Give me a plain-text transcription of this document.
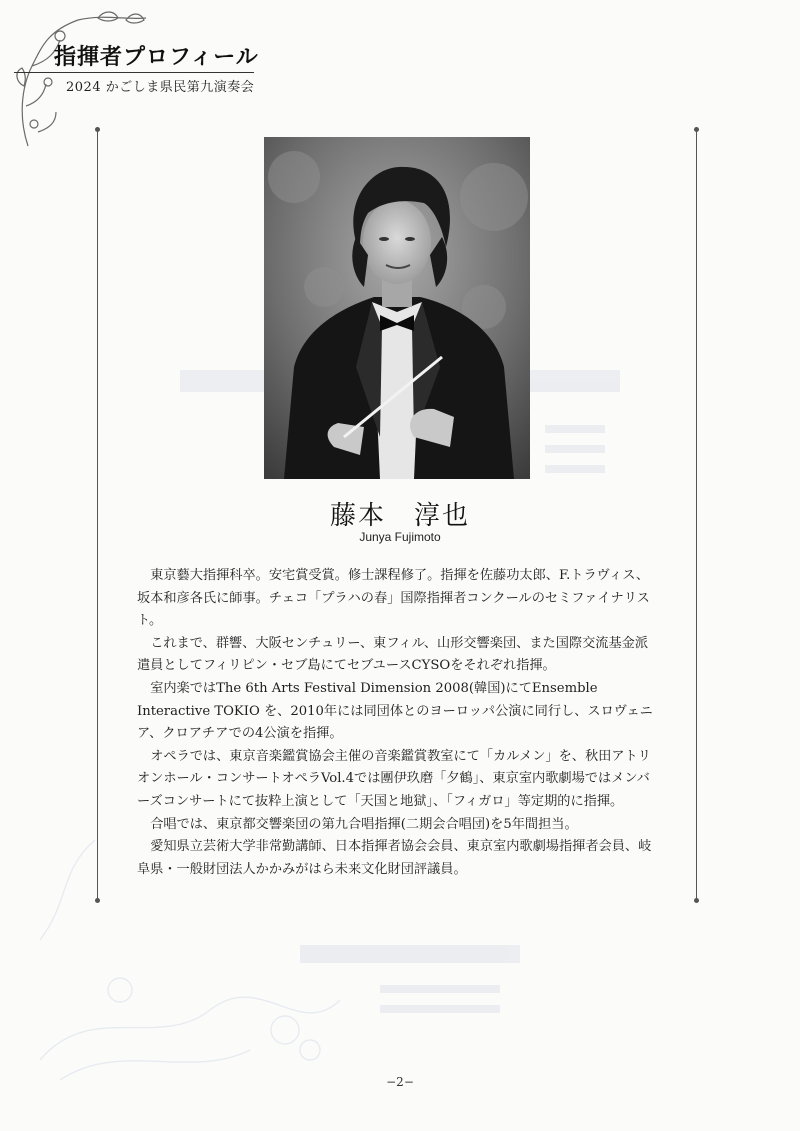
指揮者プロフィール
2024 かごしま県民第九演奏会
藤本　淳也
Junya Fujimoto

東京藝大指揮科卒。安宅賞受賞。修士課程修了。指揮を佐藤功太郎、F.トラヴィス、坂本和彦各氏に師事。チェコ「プラハの春」国際指揮者コンクールのセミファイナリスト。

これまで、群響、大阪センチュリー、東フィル、山形交響楽団、また国際交流基金派遣員としてフィリピン・セブ島にてセブユースCYSOをそれぞれ指揮。

室内楽ではThe 6th Arts Festival Dimension 2008(韓国)にてEnsemble Interactive TOKIO を、2010年には同団体とのヨーロッパ公演に同行し、スロヴェニア、クロアチアでの4公演を指揮。

オペラでは、東京音楽鑑賞協会主催の音楽鑑賞教室にて「カルメン」を、秋田アトリオンホール・コンサートオペラVol.4では團伊玖磨「夕鶴」、東京室内歌劇場ではメンバーズコンサートにて抜粋上演として「天国と地獄」、「フィガロ」等定期的に指揮。

合唱では、東京都交響楽団の第九合唱指揮(二期会合唱団)を5年間担当。

愛知県立芸術大学非常勤講師、日本指揮者協会会員、東京室内歌劇場指揮者会員、岐阜県・一般財団法人かかみがはら未来文化財団評議員。

−2−
